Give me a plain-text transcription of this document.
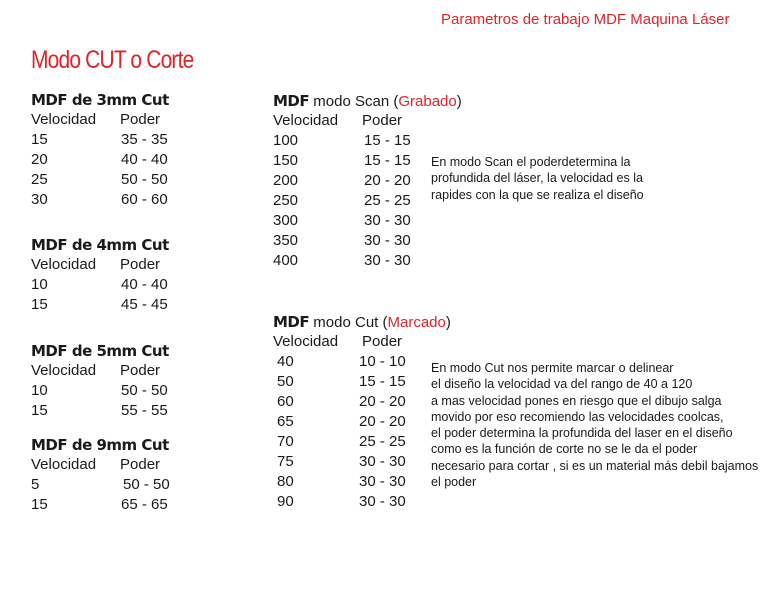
Parametros de trabajo MDF Maquina Láser
Modo CUT o Corte
MDF de 3mm Cut
Velocidad Poder
15	35 - 35
20	40 - 40
25	50 - 50
30	60 - 60
MDF de 4mm Cut
Velocidad Poder
10	40 - 40
15	45 - 45
MDF de 5mm Cut
Velocidad Poder
10	50 - 50
15	55 - 55
MDF de 9mm Cut
Velocidad Poder
5	50 - 50
15	65 - 65
MDF modo Scan (Grabado)
Velocidad Poder
100	15 - 15
150	15 - 15
200	20 - 20
250	25 - 25
300	30 - 30
350	30 - 30
400	30 - 30
En modo Scan el poderdetermina la
profundida del láser, la velocidad es la
rapides con la que se realiza el diseño
MDF modo Cut (Marcado)
Velocidad Poder
40	10 - 10
50	15 - 15
60	20 - 20
65	20 - 20
70	25 - 25
75	30 - 30
80	30 - 30
90	30 - 30
En modo Cut nos permite marcar o delinear
el diseño la velocidad va del rango de 40 a 120
a mas velocidad pones en riesgo que el dibujo salga
movido por eso recomiendo las velocidades coolcas,
el poder determina la profundida del laser en el diseño
como es la función de corte no se le da el poder
necesario para cortar , si es un material más debil bajamos
el poder
